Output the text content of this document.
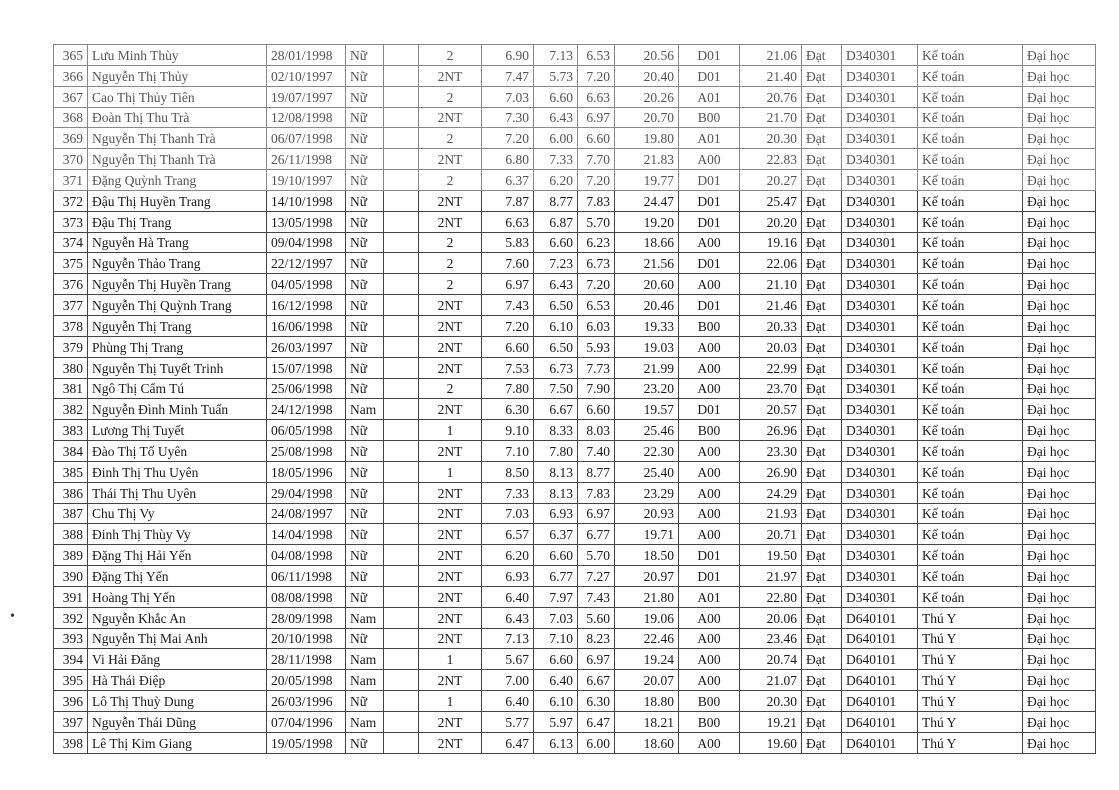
•
365	Lưu Minh Thùy	28/01/1998	Nữ		2	6.90	7.13	6.53	20.56	D01	21.06	Đạt	D340301	Kế toán	Đại học
366	Nguyễn Thị Thủy	02/10/1997	Nữ		2NT	7.47	5.73	7.20	20.40	D01	21.40	Đạt	D340301	Kế toán	Đại học
367	Cao Thị Thủy Tiên	19/07/1997	Nữ		2	7.03	6.60	6.63	20.26	A01	20.76	Đạt	D340301	Kế toán	Đại học
368	Đoàn Thị Thu Trà	12/08/1998	Nữ		2NT	7.30	6.43	6.97	20.70	B00	21.70	Đạt	D340301	Kế toán	Đại học
369	Nguyễn Thị Thanh Trà	06/07/1998	Nữ		2	7.20	6.00	6.60	19.80	A01	20.30	Đạt	D340301	Kế toán	Đại học
370	Nguyễn Thị Thanh Trà	26/11/1998	Nữ		2NT	6.80	7.33	7.70	21.83	A00	22.83	Đạt	D340301	Kế toán	Đại học
371	Đặng Quỳnh Trang	19/10/1997	Nữ		2	6.37	6.20	7.20	19.77	D01	20.27	Đạt	D340301	Kế toán	Đại học
372	Đậu Thị Huyền Trang	14/10/1998	Nữ		2NT	7.87	8.77	7.83	24.47	D01	25.47	Đạt	D340301	Kế toán	Đại học
373	Đậu Thị Trang	13/05/1998	Nữ		2NT	6.63	6.87	5.70	19.20	D01	20.20	Đạt	D340301	Kế toán	Đại học
374	Nguyễn Hà Trang	09/04/1998	Nữ		2	5.83	6.60	6.23	18.66	A00	19.16	Đạt	D340301	Kế toán	Đại học
375	Nguyễn Thảo Trang	22/12/1997	Nữ		2	7.60	7.23	6.73	21.56	D01	22.06	Đạt	D340301	Kế toán	Đại học
376	Nguyễn Thị Huyền Trang	04/05/1998	Nữ		2	6.97	6.43	7.20	20.60	A00	21.10	Đạt	D340301	Kế toán	Đại học
377	Nguyễn Thị Quỳnh Trang	16/12/1998	Nữ		2NT	7.43	6.50	6.53	20.46	D01	21.46	Đạt	D340301	Kế toán	Đại học
378	Nguyễn Thị Trang	16/06/1998	Nữ		2NT	7.20	6.10	6.03	19.33	B00	20.33	Đạt	D340301	Kế toán	Đại học
379	Phùng Thị Trang	26/03/1997	Nữ		2NT	6.60	6.50	5.93	19.03	A00	20.03	Đạt	D340301	Kế toán	Đại học
380	Nguyễn Thị Tuyết Trinh	15/07/1998	Nữ		2NT	7.53	6.73	7.73	21.99	A00	22.99	Đạt	D340301	Kế toán	Đại học
381	Ngô Thị Cẩm Tú	25/06/1998	Nữ		2	7.80	7.50	7.90	23.20	A00	23.70	Đạt	D340301	Kế toán	Đại học
382	Nguyễn Đình Minh Tuấn	24/12/1998	Nam		2NT	6.30	6.67	6.60	19.57	D01	20.57	Đạt	D340301	Kế toán	Đại học
383	Lương Thị Tuyết	06/05/1998	Nữ		1	9.10	8.33	8.03	25.46	B00	26.96	Đạt	D340301	Kế toán	Đại học
384	Đào Thị Tố Uyên	25/08/1998	Nữ		2NT	7.10	7.80	7.40	22.30	A00	23.30	Đạt	D340301	Kế toán	Đại học
385	Đinh Thị Thu Uyên	18/05/1996	Nữ		1	8.50	8.13	8.77	25.40	A00	26.90	Đạt	D340301	Kế toán	Đại học
386	Thái Thị Thu Uyên	29/04/1998	Nữ		2NT	7.33	8.13	7.83	23.29	A00	24.29	Đạt	D340301	Kế toán	Đại học
387	Chu Thị Vy	24/08/1997	Nữ		2NT	7.03	6.93	6.97	20.93	A00	21.93	Đạt	D340301	Kế toán	Đại học
388	Đinh Thị Thùy Vy	14/04/1998	Nữ		2NT	6.57	6.37	6.77	19.71	A00	20.71	Đạt	D340301	Kế toán	Đại học
389	Đặng Thị Hải Yến	04/08/1998	Nữ		2NT	6.20	6.60	5.70	18.50	D01	19.50	Đạt	D340301	Kế toán	Đại học
390	Đặng Thị Yến	06/11/1998	Nữ		2NT	6.93	6.77	7.27	20.97	D01	21.97	Đạt	D340301	Kế toán	Đại học
391	Hoàng Thị Yến	08/08/1998	Nữ		2NT	6.40	7.97	7.43	21.80	A01	22.80	Đạt	D340301	Kế toán	Đại học
392	Nguyễn Khắc An	28/09/1998	Nam		2NT	6.43	7.03	5.60	19.06	A00	20.06	Đạt	D640101	Thú Y	Đại học
393	Nguyễn Thị Mai Anh	20/10/1998	Nữ		2NT	7.13	7.10	8.23	22.46	A00	23.46	Đạt	D640101	Thú Y	Đại học
394	Vi Hải Đăng	28/11/1998	Nam		1	5.67	6.60	6.97	19.24	A00	20.74	Đạt	D640101	Thú Y	Đại học
395	Hà Thái Điệp	20/05/1998	Nam		2NT	7.00	6.40	6.67	20.07	A00	21.07	Đạt	D640101	Thú Y	Đại học
396	Lô Thị Thuỳ Dung	26/03/1996	Nữ		1	6.40	6.10	6.30	18.80	B00	20.30	Đạt	D640101	Thú Y	Đại học
397	Nguyễn Thái Dũng	07/04/1996	Nam		2NT	5.77	5.97	6.47	18.21	B00	19.21	Đạt	D640101	Thú Y	Đại học
398	Lê Thị Kim Giang	19/05/1998	Nữ		2NT	6.47	6.13	6.00	18.60	A00	19.60	Đạt	D640101	Thú Y	Đại học
